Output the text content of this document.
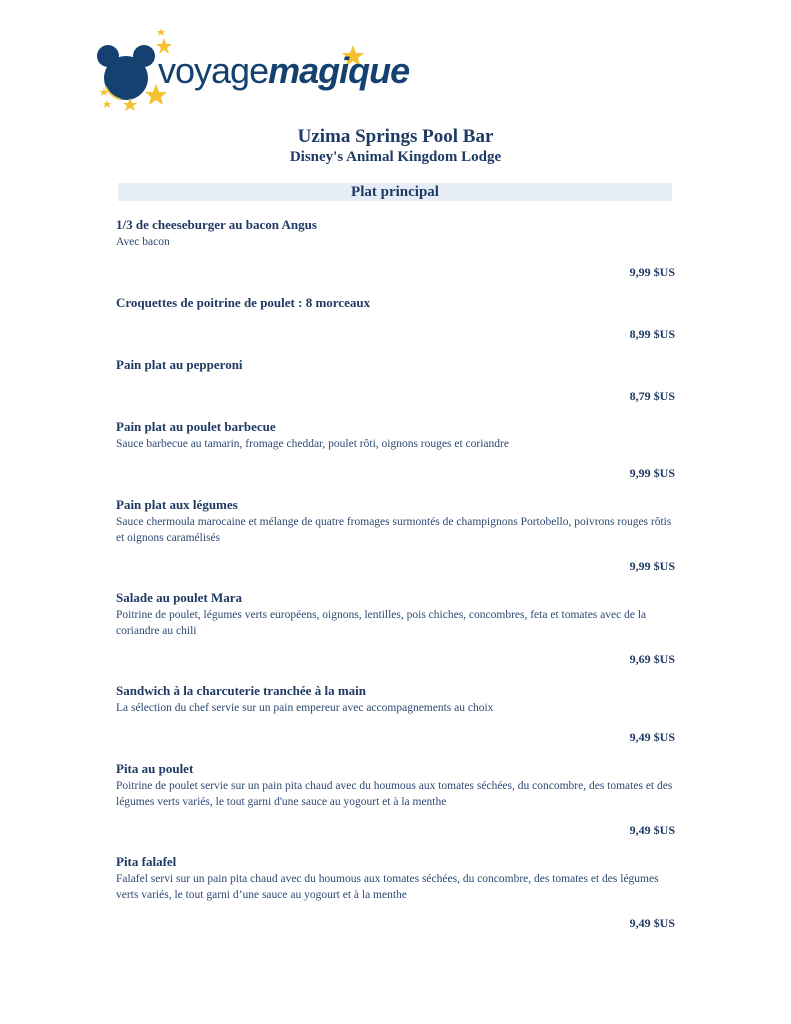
voyagemagique
Uzima Springs Pool Bar
Disney's Animal Kingdom Lodge
Plat principal
1/3 de cheeseburger au bacon Angus
Avec bacon
9,99 $US
Croquettes de poitrine de poulet : 8 morceaux
8,99 $US
Pain plat au pepperoni
8,79 $US
Pain plat au poulet barbecue
Sauce barbecue au tamarin, fromage cheddar, poulet rôti, oignons rouges et coriandre
9,99 $US
Pain plat aux légumes
Sauce chermoula marocaine et mélange de quatre fromages surmontés de champignons Portobello, poivrons rouges rôtis et oignons caramélisés
9,99 $US
Salade au poulet Mara
Poitrine de poulet, légumes verts européens, oignons, lentilles, pois chiches, concombres, feta et tomates avec de la coriandre au chili
9,69 $US
Sandwich à la charcuterie tranchée à la main
La sélection du chef servie sur un pain empereur avec accompagnements au choix
9,49 $US
Pita au poulet
Poitrine de poulet servie sur un pain pita chaud avec du houmous aux tomates séchées, du concombre, des tomates et des légumes verts variés, le tout garni d'une sauce au yogourt et à la menthe
9,49 $US
Pita falafel
Falafel servi sur un pain pita chaud avec du houmous aux tomates séchées, du concombre, des tomates et des légumes verts variés, le tout garni d’une sauce au yogourt et à la menthe
9,49 $US
